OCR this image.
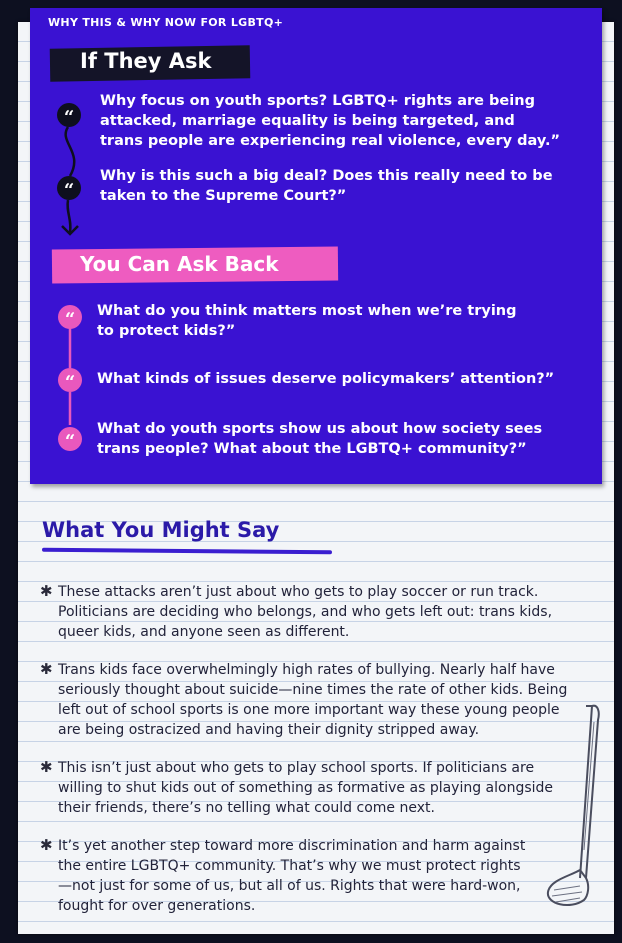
WHY THIS & WHY NOW FOR LGBTQ+
If They Ask
“
Why focus on youth sports? LGBTQ+ rights are being
attacked, marriage equality is being targeted, and
trans people are experiencing real violence, every day.”
“
Why is this such a big deal? Does this really need to be
taken to the Supreme Court?”
You Can Ask Back
“	What do you think matters most when we’re trying
to protect kids?”
“	What kinds of issues deserve policymakers’ attention?”
“
What do youth sports show us about how society sees
trans people? What about the LGBTQ+ community?”
What You Might Say
✱ These attacks aren’t just about who gets to play soccer or run track.
Politicians are deciding who belongs, and who gets left out: trans kids,
queer kids, and anyone seen as different.
✱ Trans kids face overwhelmingly high rates of bullying. Nearly half have
seriously thought about suicide—nine times the rate of other kids. Being
left out of school sports is one more important way these young people
are being ostracized and having their dignity stripped away.
✱ This isn’t just about who gets to play school sports. If politicians are
willing to shut kids out of something as formative as playing alongside
their friends, there’s no telling what could come next.
✱ It’s yet another step toward more discrimination and harm against
the entire LGBTQ+ community. That’s why we must protect rights
—not just for some of us, but all of us. Rights that were hard-won,
fought for over generations.
